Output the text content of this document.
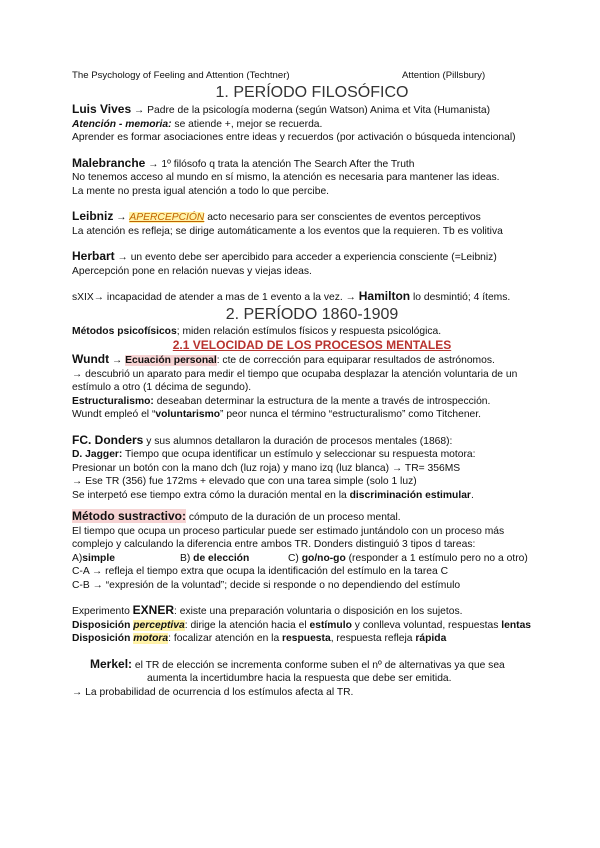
The Psychology of Feeling and Attention (Techtner)	Attention (Pillsbury)
1. PERÍODO FILOSÓFICO
Luis Vives → Padre de la psicología moderna (según Watson) Anima et Vita (Humanista)
Atención - memoria: se atiende +, mejor se recuerda.
Aprender es formar asociaciones entre ideas y recuerdos (por activación o búsqueda intencional)
Malebranche → 1º filósofo q trata la atención The Search After the Truth
No tenemos acceso al mundo en sí mismo, la atención es necesaria para mantener las ideas.
La mente no presta igual atención a todo lo que percibe.
Leibniz → APERCEPCIÓN acto necesario para ser conscientes de eventos perceptivos
La atención es refleja; se dirige automáticamente a los eventos que la requieren. Tb es volitiva
Herbart → un evento debe ser apercibido para acceder a experiencia consciente (=Leibniz)
Apercepción pone en relación nuevas y viejas ideas.
sXIX→ incapacidad de atender a mas de 1 evento a la vez. → Hamilton lo desmintió; 4 ítems.
2. PERÍODO 1860-1909
Métodos psicofísicos; miden relación estímulos físicos y respuesta psicológica.
2.1 VELOCIDAD DE LOS PROCESOS MENTALES
Wundt → Ecuación personal: cte de corrección para equiparar resultados de astrónomos.
→ descubrió un aparato para medir el tiempo que ocupaba desplazar la atención voluntaria de un
estímulo a otro (1 décima de segundo).
Estructuralismo: deseaban determinar la estructura de la mente a través de introspección.
Wundt empleó el “voluntarismo” peor nunca el término “estructuralismo” como Titchener.
FC. Donders y sus alumnos detallaron la duración de procesos mentales (1868):
D. Jagger: Tiempo que ocupa identificar un estímulo y seleccionar su respuesta motora:
Presionar un botón con la mano dch (luz roja) y mano izq (luz blanca) → TR= 356MS
→ Ese TR (356) fue 172ms + elevado que con una tarea simple (solo 1 luz)
Se interpetó ese tiempo extra cómo la duración mental en la discriminación estimular.
Método sustractivo: cómputo de la duración de un proceso mental.
El tiempo que ocupa un proceso particular puede ser estimado juntándolo con un proceso más
complejo y calculando la diferencia entre ambos TR. Donders distinguió 3 tipos d tareas:
A)simple	B) de elección	C) go/no-go (responder a 1 estímulo pero no a otro)
C-A → refleja el tiempo extra que ocupa la identificación del estímulo en la tarea C
C-B → “expresión de la voluntad”; decide si responde o no dependiendo del estímulo
Experimento EXNER: existe una preparación voluntaria o disposición en los sujetos.
Disposición perceptiva: dirige la atención hacia el estímulo y conlleva voluntad, respuestas lentas
Disposición motora: focalizar atención en la respuesta, respuesta refleja rápida
Merkel: el TR de elección se incrementa conforme suben el nº de alternativas ya que sea
aumenta la incertidumbre hacia la respuesta que debe ser emitida.
→ La probabilidad de ocurrencia d los estímulos afecta al TR.
